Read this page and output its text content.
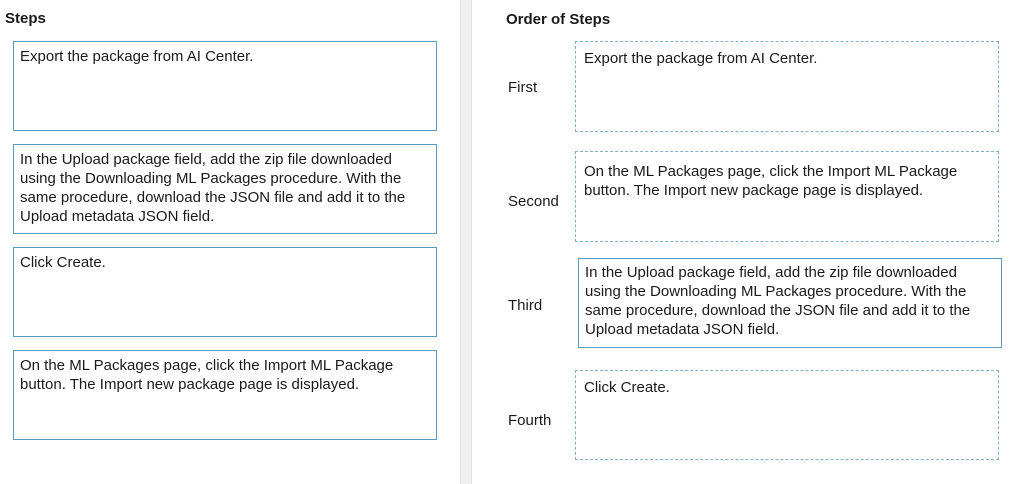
Steps
Export the package from AI Center.
In the Upload package field, add the zip file downloaded using the Downloading ML Packages procedure. With the same procedure, download the JSON file and add it to the Upload metadata JSON field.
Click Create.
On the ML Packages page, click the Import ML Package button. The Import new package page is displayed.
Order of Steps
First
Export the package from AI Center.
Second
On the ML Packages page, click the Import ML Package button. The Import new package page is displayed.
Third
In the Upload package field, add the zip file downloaded using the Downloading ML Packages procedure. With the same procedure, download the JSON file and add it to the Upload metadata JSON field.
Fourth
Click Create.
